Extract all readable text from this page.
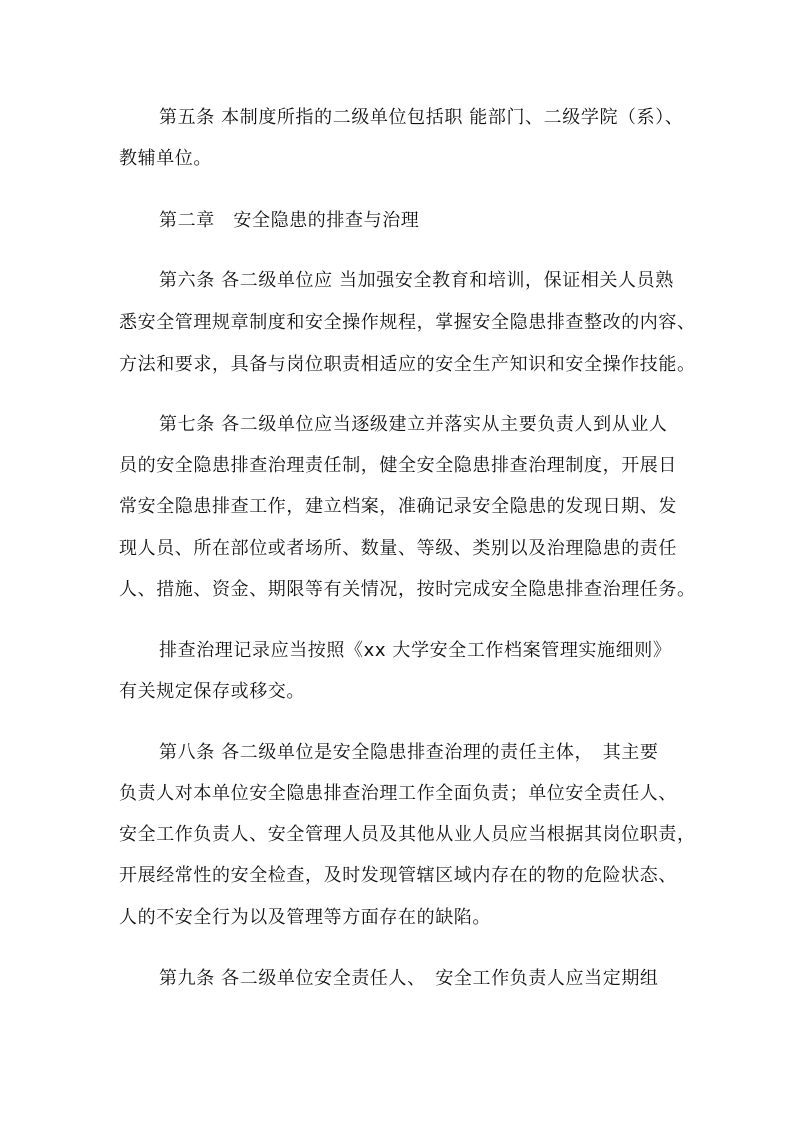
第五条 本制度所指的二级单位包括职 能部门、二级学院（系）、
教辅单位。
第二章　安全隐患的排查与治理
第六条 各二级单位应 当加强安全教育和培训，保证相关人员熟
悉安全管理规章制度和安全操作规程，掌握安全隐患排查整改的内容、
方法和要求，具备与岗位职责相适应的安全生产知识和安全操作技能。
第七条 各二级单位应当逐级建立并落实从主要负责人到从业人
员的安全隐患排查治理责任制，健全安全隐患排查治理制度，开展日
常安全隐患排查工作，建立档案，准确记录安全隐患的发现日期、发
现人员、所在部位或者场所、数量、等级、类别以及治理隐患的责任
人、措施、资金、期限等有关情况，按时完成安全隐患排查治理任务。
排查治理记录应当按照《xx 大学安全工作档案管理实施细则》
有关规定保存或移交。
第八条 各二级单位是安全隐患排查治理的责任主体，　其主要
负责人对本单位安全隐患排查治理工作全面负责；单位安全责任人、
安全工作负责人、安全管理人员及其他从业人员应当根据其岗位职责，
开展经常性的安全检查，及时发现管辖区域内存在的物的危险状态、
人的不安全行为以及管理等方面存在的缺陷。
第九条 各二级单位安全责任人、　安全工作负责人应当定期组
